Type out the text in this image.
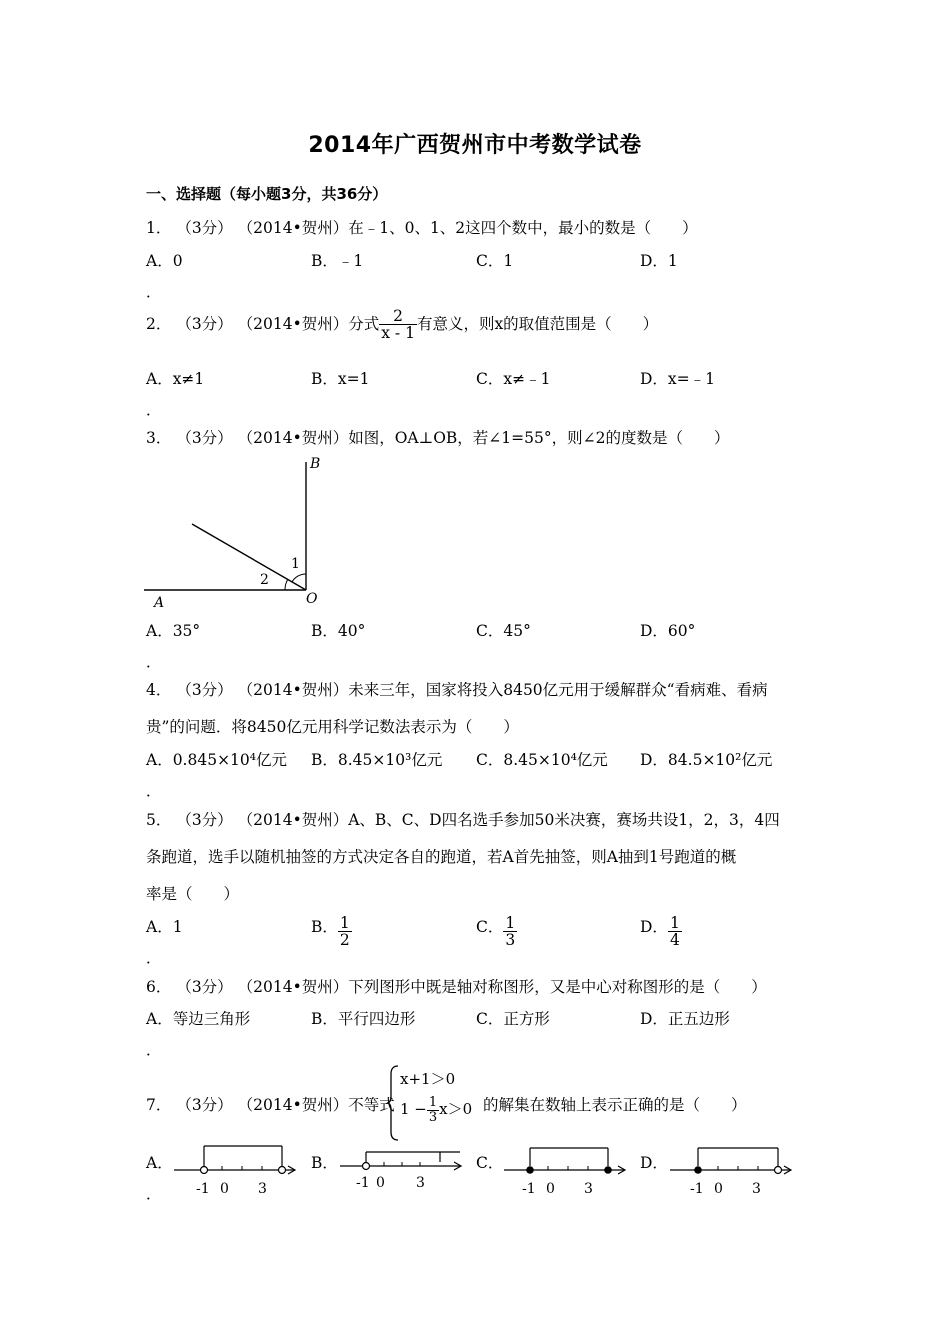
2014年广西贺州市中考数学试卷
一、选择题（每小题3分，共36分）
1． （3分） （2014•贺州）在﹣1、0、1、2这四个数中，最小的数是（　　）
A．0	B．﹣1	C．1	D．1
2． （3分） （2014•贺州）分式 $\frac{2}{x - 1}$ 有意义，则x的取值范围是（　　）
A．x≠1	B．x=1	C．x≠﹣1	D．x=﹣1
3． （3分） （2014•贺州）如图，OA⊥OB，若∠1=55°，则∠2的度数是（　　）
B
O
A
1
2
A．35°	B．40°	C．45°	D．60°
4． （3分） （2014•贺州）未来三年，国家将投入8450亿元用于缓解群众“看病难、看病
贵”的问题．将8450亿元用科学记数法表示为（　　）
A．0.845×10⁴亿元 B．8.45×10³亿元 C．8.45×10⁴亿元 D．84.5×10²亿元
5． （3分） （2014•贺州）A、B、C、D四名选手参加50米决赛，赛场共设1，2，3，4四
条跑道，选手以随机抽签的方式决定各自的跑道，若A首先抽签，则A抽到1号跑道的概
率是（　　）
A．1	B． $\frac{1}{2}$	C． $\frac{1}{3}$	D． $\frac{1}{4}$
6． （3分） （2014•贺州）下列图形中既是轴对称图形，又是中心对称图形的是（　　）
A．等边三角形	B．平行四边形	C．正方形	D．正五边形
7． （3分） （2014•贺州）不等式
x+1＞0
$1 - \frac{1}{3} x>0$ 的解集在数轴上表示正确的是（　　）
A．	B．	C．	D．
-1 0 3	-1 0 3	-1 0 3	-1 0 3
．
．
．
．
．
．
．
